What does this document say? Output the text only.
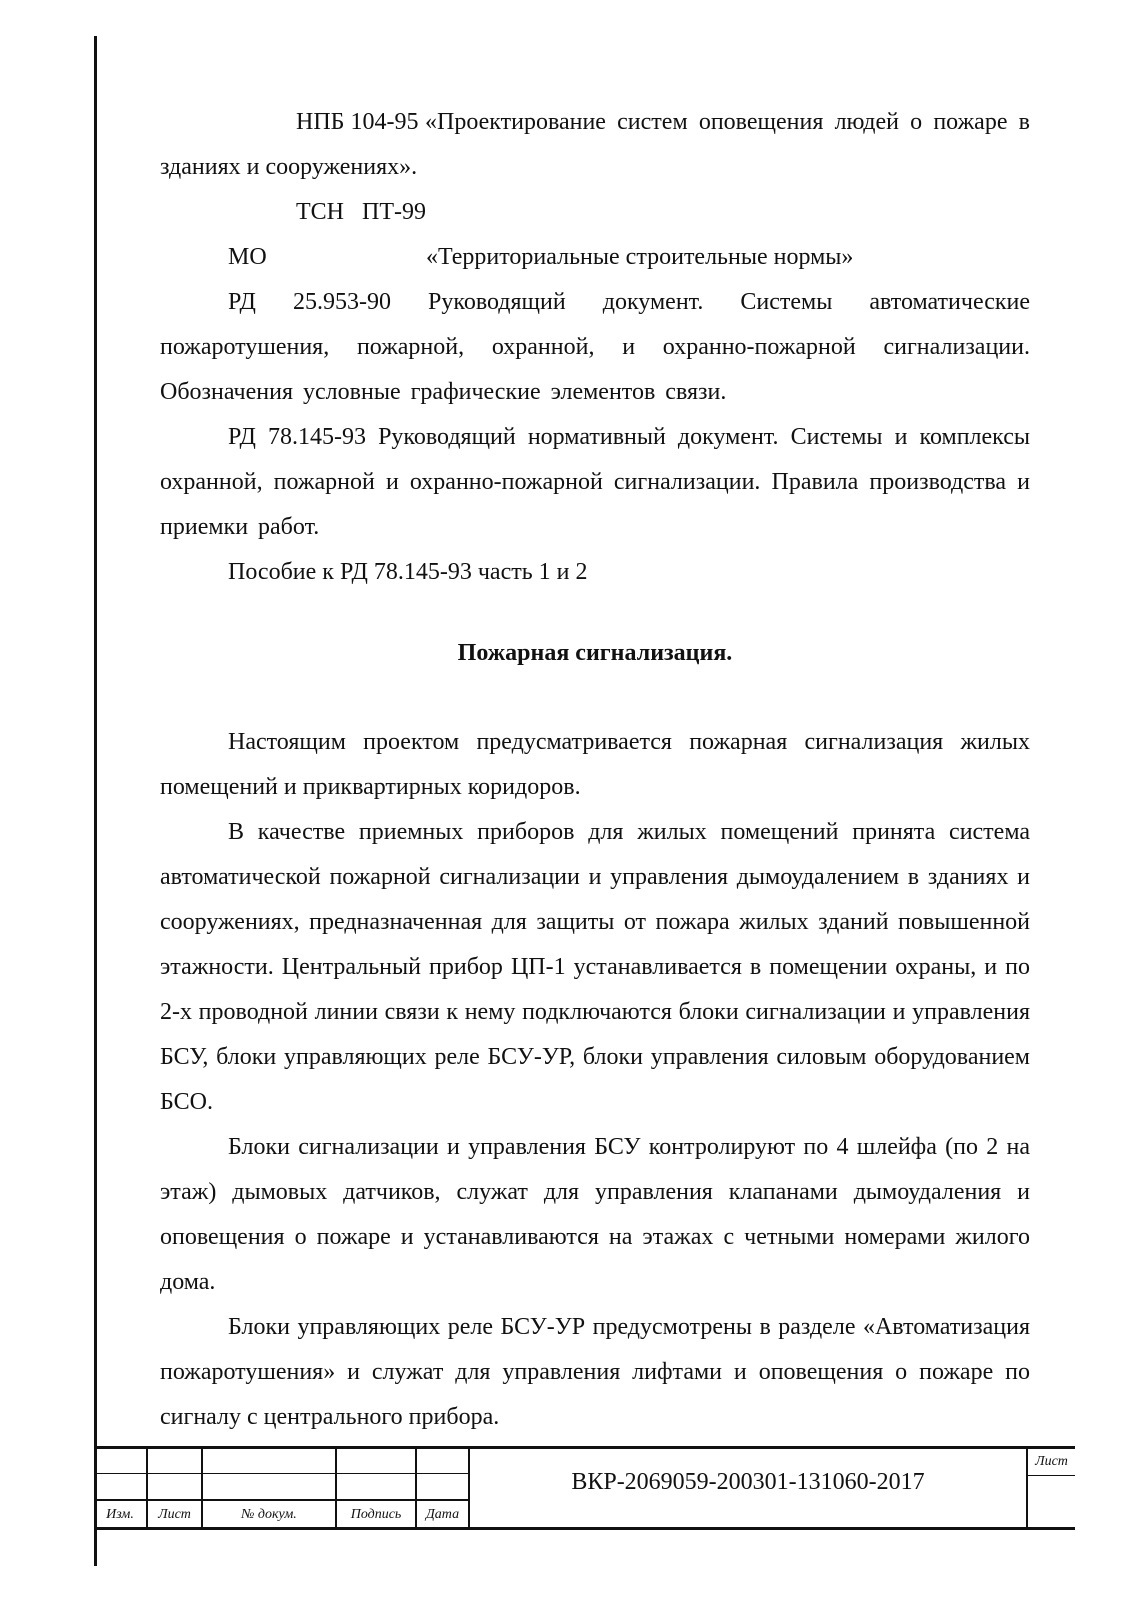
НПБ 104-95 «Проектирование систем оповещения людей о пожаре в зданиях и сооружениях».

ТСН ПТ-99 МО	«Территориальные строительные нормы»

РД 25.953-90 Руководящий документ. Системы автоматические пожаротушения, пожарной, охранной, и охранно-пожарной сигнализации. Обозначения условные графические элементов связи.

РД 78.145-93 Руководящий нормативный документ. Системы и комплексы охранной, пожарной и охранно-пожарной сигнализации. Правила производства и приемки работ.

Пособие к РД 78.145-93 часть 1 и 2

Пожарная сигнализация.

Настоящим проектом предусматривается пожарная сигнализация жилых помещений и приквартирных коридоров.

В качестве приемных приборов для жилых помещений принята система автоматической пожарной сигнализации и управления дымоудалением в зданиях и сооружениях, предназначенная для защиты от пожара жилых зданий повышенной этажности. Центральный прибор ЦП-1 устанавливается в помещении охраны, и по 2-х проводной линии связи к нему подключаются блоки сигнализации и управления БСУ, блоки управляющих реле БСУ-УР, блоки управления силовым оборудованием БСО.

Блоки сигнализации и управления БСУ контролируют по 4 шлейфа (по 2 на этаж) дымовых датчиков, служат для управления клапанами дымоудаления и оповещения о пожаре и устанавливаются на этажах с четными номерами жилого дома.

Блоки управляющих реле БСУ-УР предусмотрены в разделе «Автоматизация пожаротушения» и служат для управления лифтами и оповещения о пожаре по сигналу с центрального прибора.

Изм.	Лист	№ докум.	Подпись	Дата
Лист
ВКР-2069059-200301-131060-2017
